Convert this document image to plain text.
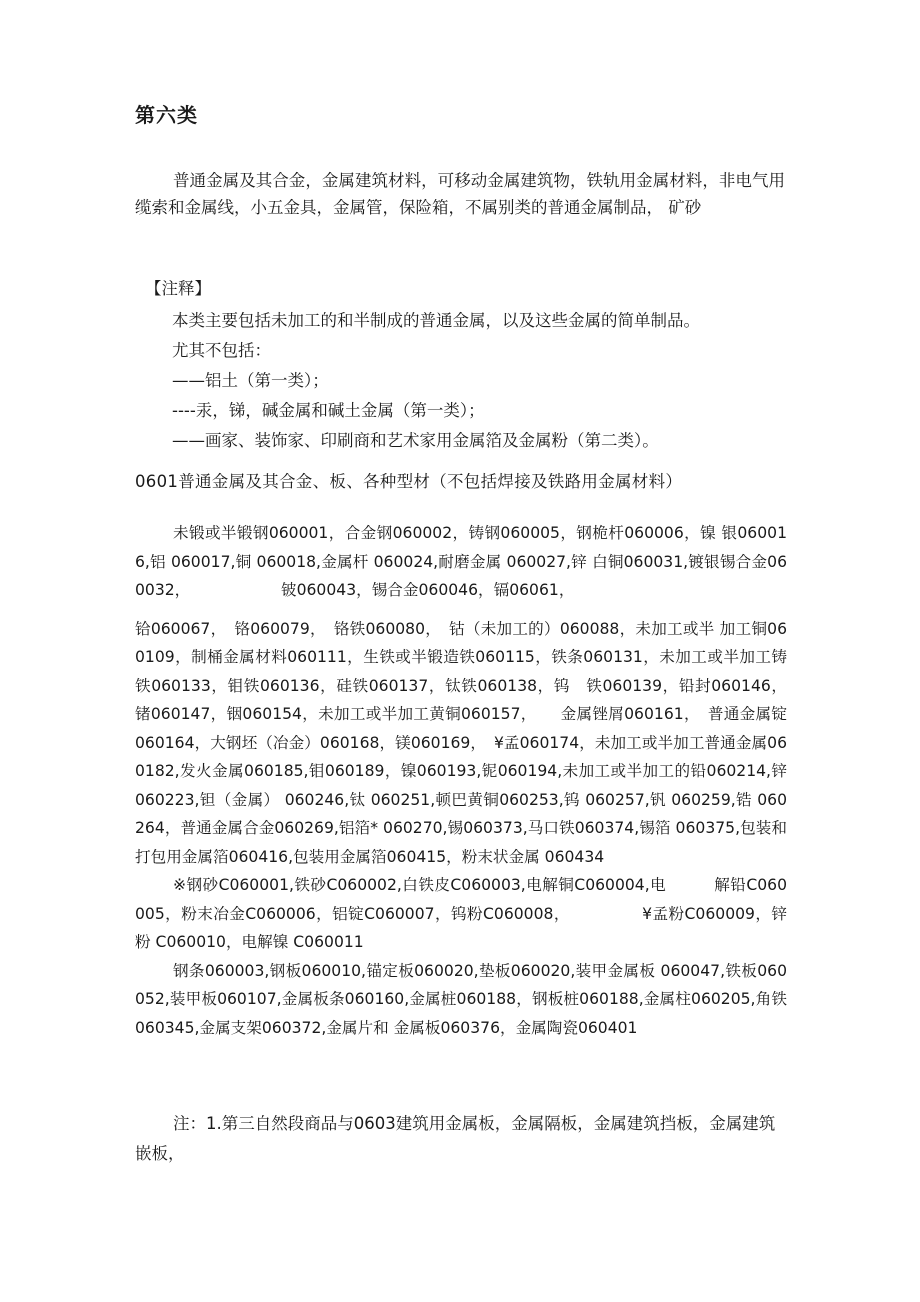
第六类

普通金属及其合金，金属建筑材料，可移动金属建筑物，铁轨用金属材料，非电气用缆索和金属线，小五金具，金属管，保险箱，不属别类的普通金属制品， 矿砂

【注释】
本类主要包括未加工的和半制成的普通金属，以及这些金属的简单制品。
尤其不包括：
——铝土（第一类）；
----汞，锑，碱金属和碱土金属（第一类）；
——画家、装饰家、印刷商和艺术家用金属箔及金属粉（第二类）。
0601普通金属及其合金、板、各种型材（不包括焊接及铁路用金属材料）
未锻或半锻钢060001，合金钢060002，铸钢060005，钢桅杆060006，镍 银060016,铝 060017,铜 060018,金属杆 060024,耐磨金属 060027,锌 白铜060031,镀银锡合金060032，　　　　　　 铍060043，锡合金060046，镉06061，
铪060067，　铬060079，　铬铁060080，　钴（未加工的）060088，未加工或半 加工铜060109，制桶金属材料060111，生铁或半锻造铁060115，铁条060131，未加工或半加工铸铁060133，钼铁060136，硅铁060137，钛铁060138，钨　铁060139，铅封060146，锗060147，铟060154，未加工或半加工黄铜060157，　　金属锉屑060161，　普通金属锭060164，大钢坯（冶金）060168，镁060169，　¥孟060174，未加工或半加工普通金属060182,发火金属060185,钼060189，镍060193,铌060194,未加工或半加工的铅060214,锌060223,钽（金属） 060246,钛 060251,顿巴黄铜060253,钨 060257,钒 060259,锆 060264，普通金属合金060269,铝箔* 060270,锡060373,马口铁060374,锡箔 060375,包装和打包用金属箔060416,包装用金属箔060415，粉末状金属 060434
※钢砂C060001,铁砂C060002,白铁皮C060003,电解铜C060004,电　　　解铅C060005，粉末冶金C060006，铝锭C060007，钨粉C060008，　　　　　¥孟粉C060009，锌粉 C060010，电解镍 C060011
钢条060003,钢板060010,锚定板060020,垫板060020,装甲金属板 060047,铁板060052,装甲板060107,金属板条060160,金属桩060188，钢板桩060188,金属柱060205,角铁060345,金属支架060372,金属片和 金属板060376，金属陶瓷060401

注：1.第三自然段商品与0603建筑用金属板，金属隔板，金属建筑挡板，金属建筑嵌板，
